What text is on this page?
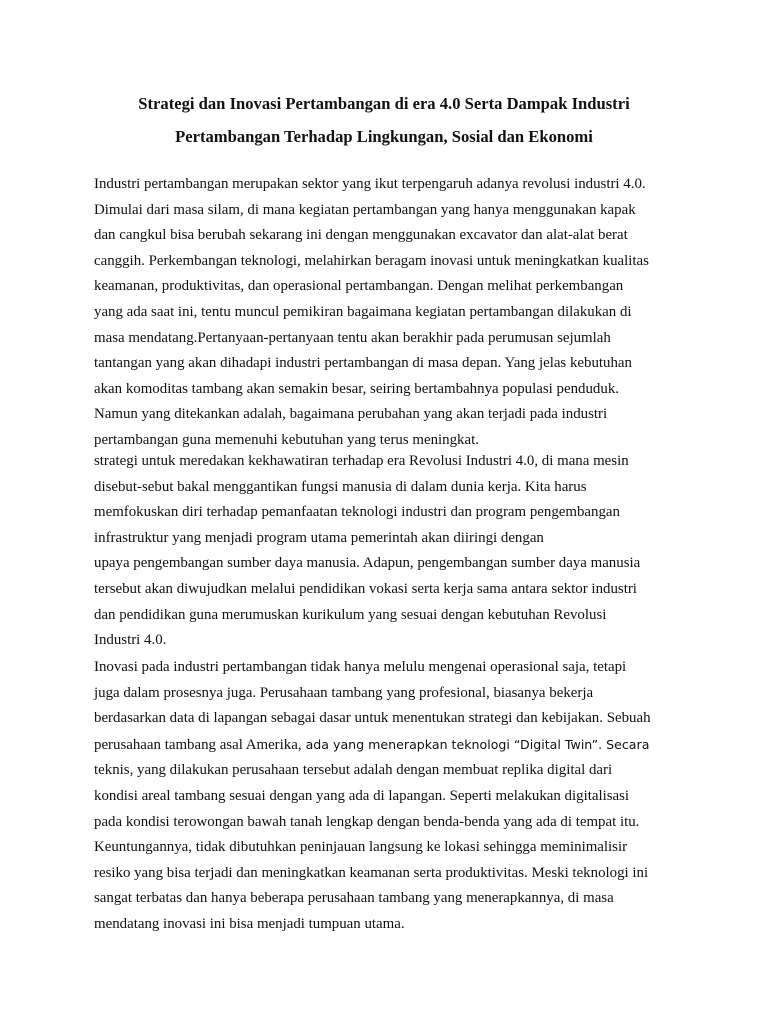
Strategi dan Inovasi Pertambangan di era 4.0 Serta Dampak Industri
Pertambangan Terhadap Lingkungan, Sosial dan Ekonomi
Industri pertambangan merupakan sektor yang ikut terpengaruh adanya revolusi industri 4.0.
Dimulai dari masa silam, di mana kegiatan pertambangan yang hanya menggunakan kapak
dan cangkul bisa berubah sekarang ini dengan menggunakan excavator dan alat-alat berat
canggih. Perkembangan teknologi, melahirkan beragam inovasi untuk meningkatkan kualitas
keamanan, produktivitas, dan operasional pertambangan. Dengan melihat perkembangan
yang ada saat ini, tentu muncul pemikiran bagaimana kegiatan pertambangan dilakukan di
masa mendatang.Pertanyaan-pertanyaan tentu akan berakhir pada perumusan sejumlah
tantangan yang akan dihadapi industri pertambangan di masa depan. Yang jelas kebutuhan
akan komoditas tambang akan semakin besar, seiring bertambahnya populasi penduduk.
Namun yang ditekankan adalah, bagaimana perubahan yang akan terjadi pada industri
pertambangan guna memenuhi kebutuhan yang terus meningkat.
strategi untuk meredakan kekhawatiran terhadap era Revolusi Industri 4.0, di mana mesin
disebut-sebut bakal menggantikan fungsi manusia di dalam dunia kerja. Kita harus
memfokuskan diri terhadap pemanfaatan teknologi industri dan program pengembangan
infrastruktur yang menjadi program utama pemerintah akan diiringi dengan
upaya pengembangan sumber daya manusia. Adapun, pengembangan sumber daya manusia
tersebut akan diwujudkan melalui pendidikan vokasi serta kerja sama antara sektor industri
dan pendidikan guna merumuskan kurikulum yang sesuai dengan kebutuhan Revolusi
Industri 4.0.
Inovasi pada industri pertambangan tidak hanya melulu mengenai operasional saja, tetapi
juga dalam prosesnya juga. Perusahaan tambang yang profesional, biasanya bekerja
berdasarkan data di lapangan sebagai dasar untuk menentukan strategi dan kebijakan. Sebuah
perusahaan tambang asal Amerika, ada yang menerapkan teknologi “Digital Twin”. Secara
teknis, yang dilakukan perusahaan tersebut adalah dengan membuat replika digital dari
kondisi areal tambang sesuai dengan yang ada di lapangan. Seperti melakukan digitalisasi
pada kondisi terowongan bawah tanah lengkap dengan benda-benda yang ada di tempat itu.
Keuntungannya, tidak dibutuhkan peninjauan langsung ke lokasi sehingga meminimalisir
resiko yang bisa terjadi dan meningkatkan keamanan serta produktivitas. Meski teknologi ini
sangat terbatas dan hanya beberapa perusahaan tambang yang menerapkannya, di masa
mendatang inovasi ini bisa menjadi tumpuan utama.
